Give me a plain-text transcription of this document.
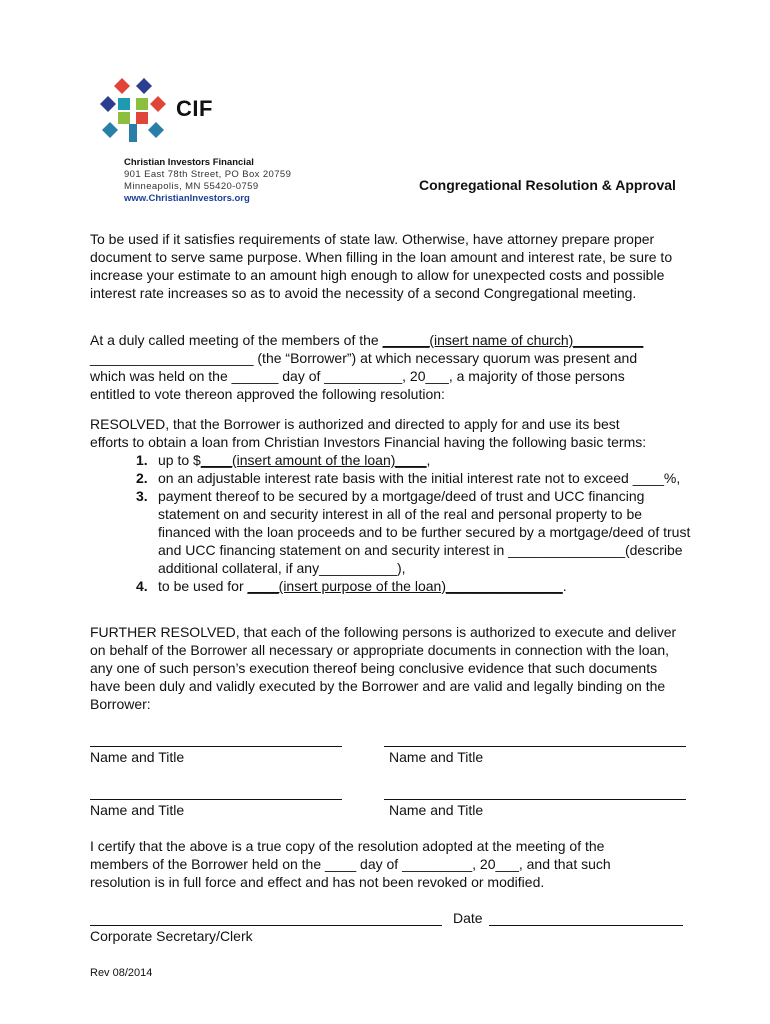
CIF
Christian Investors Financial
901 East 78th Street, PO Box 20759
Minneapolis, MN 55420-0759
www.ChristianInvestors.org
Congregational Resolution & Approval
To be used if it satisfies requirements of state law. Otherwise, have attorney prepare proper document to serve same purpose. When filling in the loan amount and interest rate, be sure to increase your estimate to an amount high enough to allow for unexpected costs and possible interest rate increases so as to avoid the necessity of a second Congregational meeting.
At a duly called meeting of the members of the ______(insert name of church)_________
_____________________ (the “Borrower”) at which necessary quorum was present and
which was held on the ______ day of __________, 20___, a majority of those persons
entitled to vote thereon approved the following resolution:
RESOLVED, that the Borrower is authorized and directed to apply for and use its best
efforts to obtain a loan from Christian Investors Financial having the following basic terms:
1. up to $____(insert amount of the loan)____,
2. on an adjustable interest rate basis with the initial interest rate not to exceed ____%,
3. payment thereof to be secured by a mortgage/deed of trust and UCC financing statement on and security interest in all of the real and personal property to be financed with the loan proceeds and to be further secured by a mortgage/deed of trust and UCC financing statement on and security interest in _______________(describe additional collateral, if any__________),
4. to be used for ____(insert purpose of the loan)_______________.
FURTHER RESOLVED, that each of the following persons is authorized to execute and deliver on behalf of the Borrower all necessary or appropriate documents in connection with the loan, any one of such person’s execution thereof being conclusive evidence that such documents have been duly and validly executed by the Borrower and are valid and legally binding on the Borrower:
Name and Title	Name and Title
Name and Title	Name and Title
I certify that the above is a true copy of the resolution adopted at the meeting of the
members of the Borrower held on the ____ day of _________, 20___, and that such
resolution is in full force and effect and has not been revoked or modified.
Date
Corporate Secretary/Clerk
Rev 08/2014
